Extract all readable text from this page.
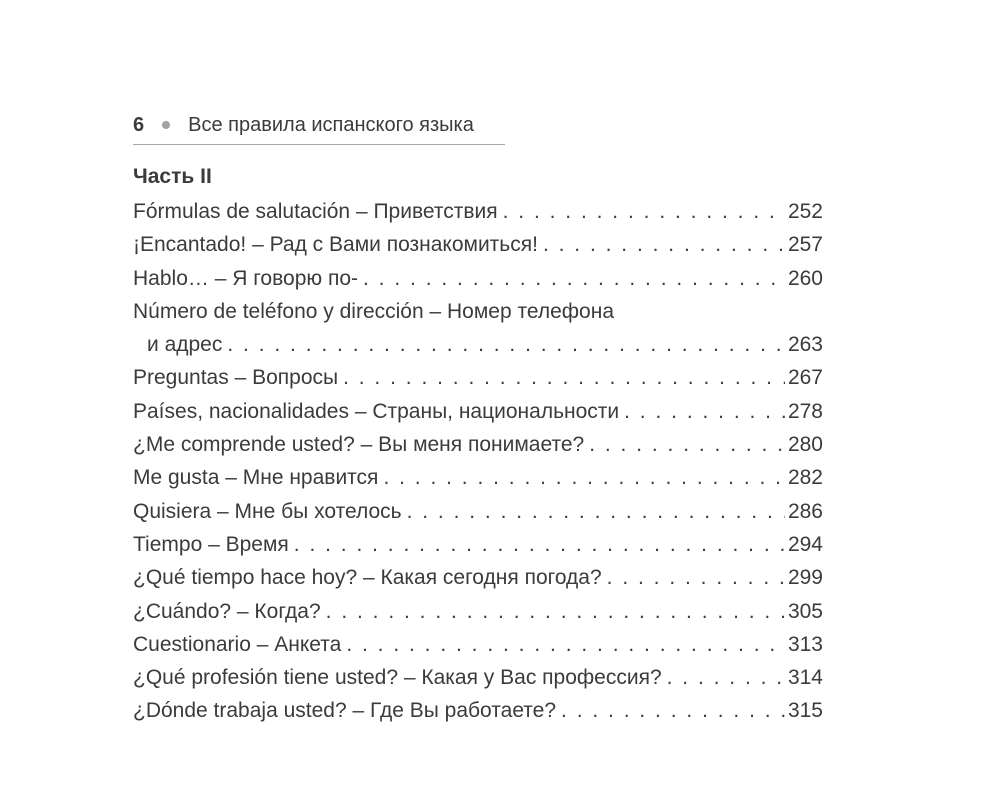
6 Все правила испанского языка
Часть II
Fórmulas de salutación – Приветствия . . .	252
¡Encantado! – Рад с Вами познакомиться! . . .	257
Hablo… – Я говорю по- . . .	260
Número de teléfono y dirección – Номер телефона
и адрес . . .	263
Preguntas – Вопросы . . .	267
Países, nacionalidades – Страны, национальности . . .	278
¿Me comprende usted? – Вы меня понимаете? . . .	280
Me gusta – Мне нравится . . .	282
Quisiera – Мне бы хотелось . . .	286
Tiempo – Время . . .	294
¿Qué tiempo hace hoy? – Какая сегодня погода? . . .	299
¿Cuándo? – Когда? . . .	305
Cuestionario – Анкета . . .	313
¿Qué profesión tiene usted? – Какая у Вас профессия? . . .	314
¿Dónde trabaja usted? – Где Вы работаете? . . .	315
